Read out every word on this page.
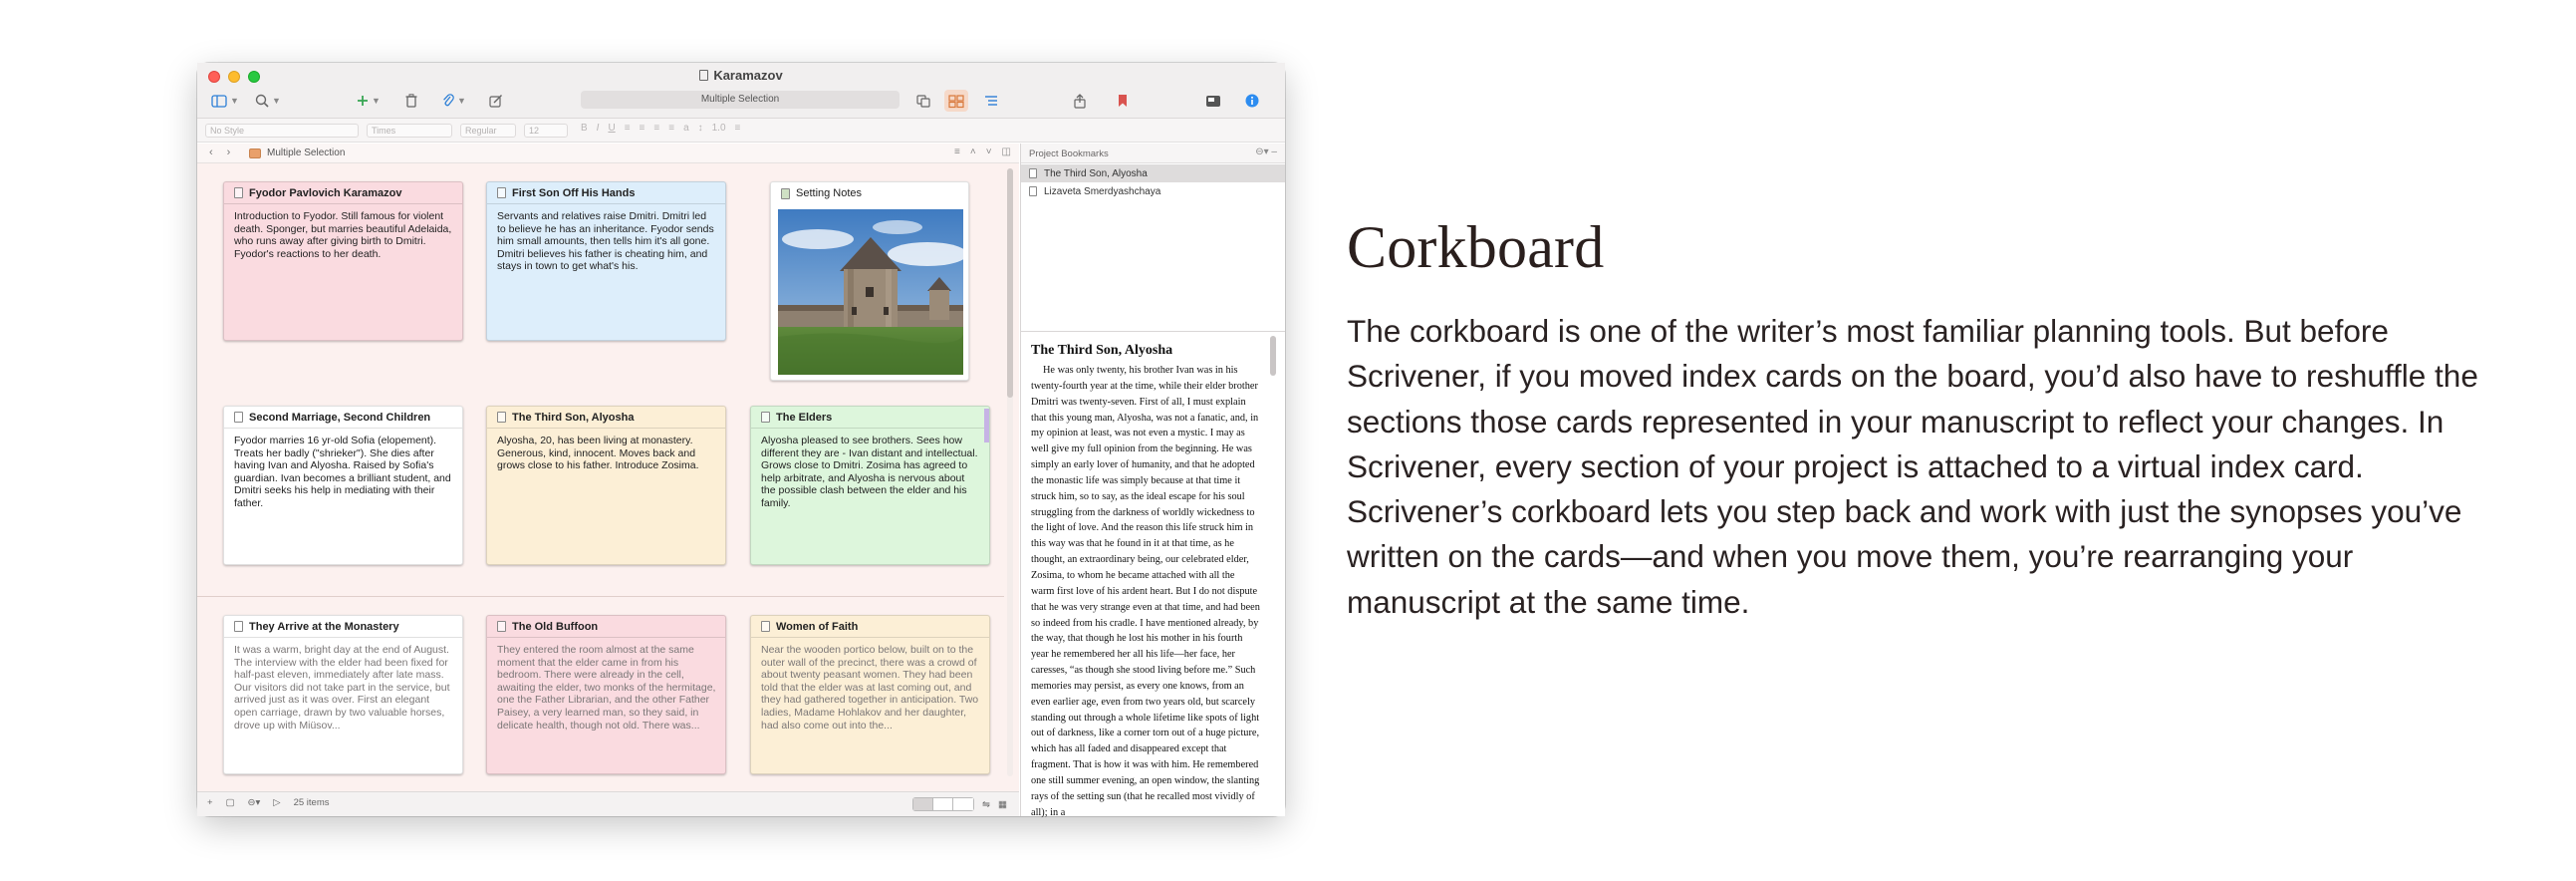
Karamazov
▼	▼	▼	▼	Multiple Selection
No Style	Times	Regular	12	B I U ≡ ≡ ≡ ≡ a ↕ 1.0 ≡
‹ ›	Multiple Selection	≡ ˄ ˅ ◫
Fyodor Pavlovich Karamazov
Introduction to Fyodor. Still famous for violent death. Sponger, but marries beautiful Adelaida, who runs away after giving birth to Dmitri. Fyodor's reactions to her death.
First Son Off His Hands
Servants and relatives raise Dmitri. Dmitri led to believe he has an inheritance. Fyodor sends him small amounts, then tells him it's all gone. Dmitri believes his father is cheating him, and stays in town to get what's his.
Setting Notes
Second Marriage, Second Children
Fyodor marries 16 yr-old Sofia (elopement). Treats her badly ("shrieker"). She dies after having Ivan and Alyosha. Raised by Sofia's guardian. Ivan becomes a brilliant student, and Dmitri seeks his help in mediating with their father.
The Third Son, Alyosha
Alyosha, 20, has been living at monastery. Generous, kind, innocent. Moves back and grows close to his father. Introduce Zosima.
The Elders
Alyosha pleased to see brothers. Sees how different they are - Ivan distant and intellectual. Grows close to Dmitri. Zosima has agreed to help arbitrate, and Alyosha is nervous about the possible clash between the elder and his family.
They Arrive at the Monastery
It was a warm, bright day at the end of August. The interview with the elder had been fixed for half-past eleven, immediately after late mass. Our visitors did not take part in the service, but arrived just as it was over. First an elegant open carriage, drawn by two valuable horses, drove up with Miüsov...
The Old Buffoon
They entered the room almost at the same moment that the elder came in from his bedroom. There were already in the cell, awaiting the elder, two monks of the hermitage, one the Father Librarian, and the other Father Paisey, a very learned man, so they said, in delicate health, though not old. There was...
Women of Faith
Near the wooden portico below, built on to the outer wall of the precinct, there was a crowd of about twenty peasant women. They had been told that the elder was at last coming out, and they had gathered together in anticipation. Two ladies, Madame Hohlakov and her daughter, had also come out into the...
+ ▢ ⊖▾ ▷ 25 items	⇋ ▦
Project Bookmarks	⊖▾ –
The Third Son, Alyosha
Lizaveta Smerdyashchaya
The Third Son, Alyosha

He was only twenty, his brother Ivan was in his twenty-fourth year at the time, while their elder brother Dmitri was twenty-seven. First of all, I must explain that this young man, Alyosha, was not a fanatic, and, in my opinion at least, was not even a mystic. I may as well give my full opinion from the beginning. He was simply an early lover of humanity, and that he adopted the monastic life was simply because at that time it struck him, so to say, as the ideal escape for his soul struggling from the darkness of worldly wickedness to the light of love. And the reason this life struck him in this way was that he found in it at that time, as he thought, an extraordinary being, our celebrated elder, Zosima, to whom he became attached with all the warm first love of his ardent heart. But I do not dispute that he was very strange even at that time, and had been so indeed from his cradle. I have mentioned already, by the way, that though he lost his mother in his fourth year he remembered her all his life—her face, her caresses, “as though she stood living before me.” Such memories may persist, as every one knows, from an even earlier age, even from two years old, but scarcely standing out through a whole lifetime like spots of light out of darkness, like a corner torn out of a huge picture, which has all faded and disappeared except that fragment. That is how it was with him. He remembered one still summer evening, an open window, the slanting rays of the setting sun (that he recalled most vividly of all); in a

Corkboard

The corkboard is one of the writer’s most familiar planning tools. But before Scrivener, if you moved index cards on the board, you’d also have to reshuffle the sections those cards represented in your manuscript to reflect your changes. In Scrivener, every section of your project is attached to a virtual index card. Scrivener’s corkboard lets you step back and work with just the synopses you’ve written on the cards—and when you move them, you’re rearranging your manuscript at the same time.
